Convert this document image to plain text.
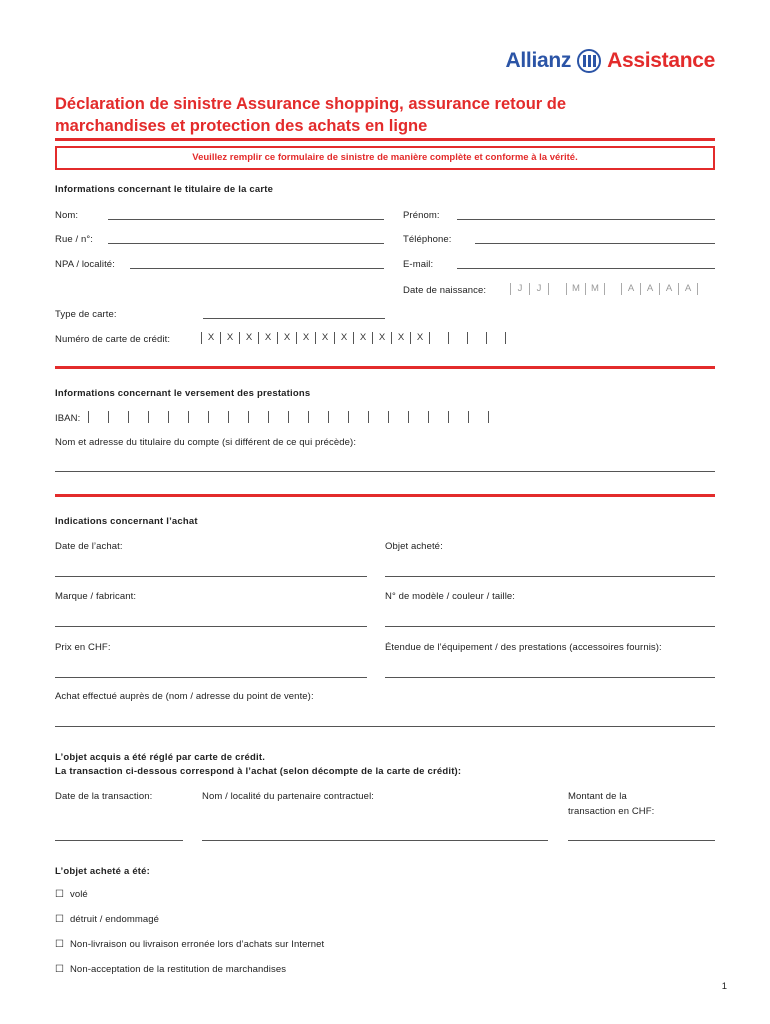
Allianz Assistance
Déclaration de sinistre Assurance shopping, assurance retour de marchandises et protection des achats en ligne
Veuillez remplir ce formulaire de sinistre de manière complète et conforme à la vérité.
Informations concernant le titulaire de la carte
Nom:	Prénom:
Rue / n°:	Téléphone:
NPA / localité:	E-mail:
Date de naissance:	J	J	M	M	A	A	A	A
Type de carte:
Numéro de carte de crédit:	X	X	X	X	X	X	X	X	X	X	X	X
Informations concernant le versement des prestations
IBAN:
Nom et adresse du titulaire du compte (si différent de ce qui précède):
Indications concernant l’achat
Date de l’achat:	Objet acheté:
Marque / fabricant:	N° de modèle / couleur / taille:
Prix en CHF:	Étendue de l’équipement / des prestations (accessoires fournis):
Achat effectué auprès de (nom / adresse du point de vente):
L’objet acquis a été réglé par carte de crédit.
La transaction ci-dessous correspond à l’achat (selon décompte de la carte de crédit):
Date de la transaction:	Nom / localité du partenaire contractuel:	Montant de la
transaction en CHF:
L’objet acheté a été:
☐ volé
☐ détruit / endommagé
☐ Non-livraison ou livraison erronée lors d’achats sur Internet
☐ Non-acceptation de la restitution de marchandises
1
